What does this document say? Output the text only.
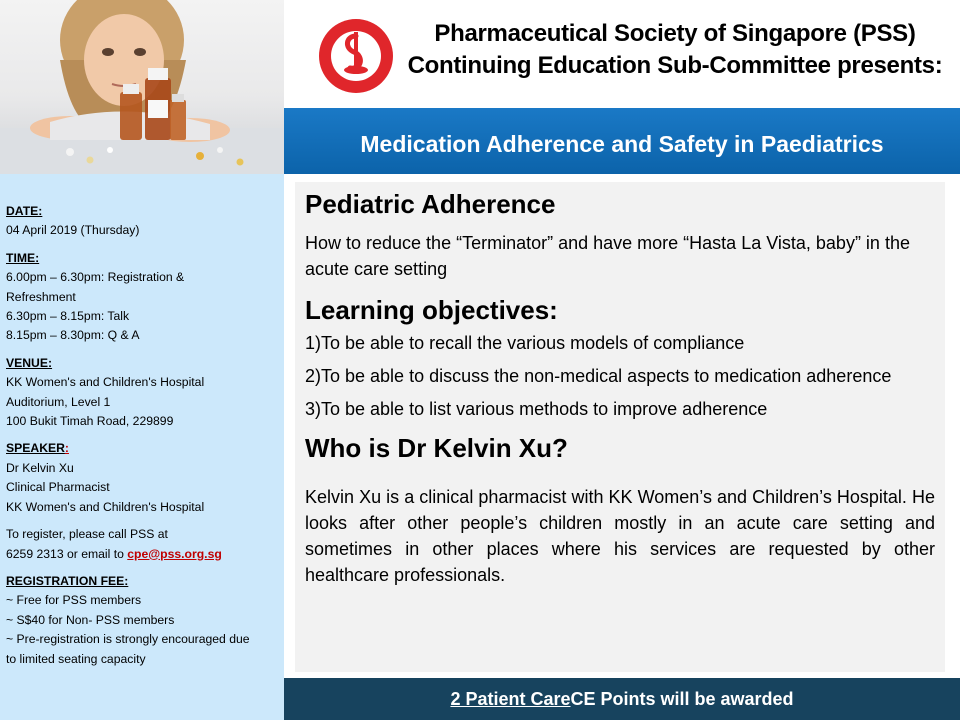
Pharmaceutical Society of Singapore (PSS)
Continuing Education Sub-Committee presents:
Medication Adherence and Safety in Paediatrics
DATE:
04 April 2019 (Thursday)
TIME:
6.00pm – 6.30pm: Registration &
Refreshment
6.30pm – 8.15pm: Talk
8.15pm – 8.30pm: Q & A
VENUE:
KK Women's and Children's Hospital
Auditorium, Level 1
100 Bukit Timah Road, 229899
SPEAKER:
Dr Kelvin Xu
Clinical Pharmacist
KK Women's and Children's Hospital
To register, please call PSS at
6259 2313 or email to cpe@pss.org.sg
REGISTRATION FEE:
~ Free for PSS members
~ S$40 for Non- PSS members
~ Pre-registration is strongly encouraged due
to limited seating capacity
Pediatric Adherence

How to reduce the “Terminator” and have more “Hasta La Vista, baby” in the acute care setting

Learning objectives:

1)To be able to recall the various models of compliance

2)To be able to discuss the non-medical aspects to medication adherence

3)To be able to list various methods to improve adherence

Who is Dr Kelvin Xu?

Kelvin Xu is a clinical pharmacist with KK Women’s and Children’s Hospital. He looks after other people’s children mostly in an acute care setting and sometimes in other places where his services are requested by other healthcare professionals.

2 Patient Care CE Points will be awarded
